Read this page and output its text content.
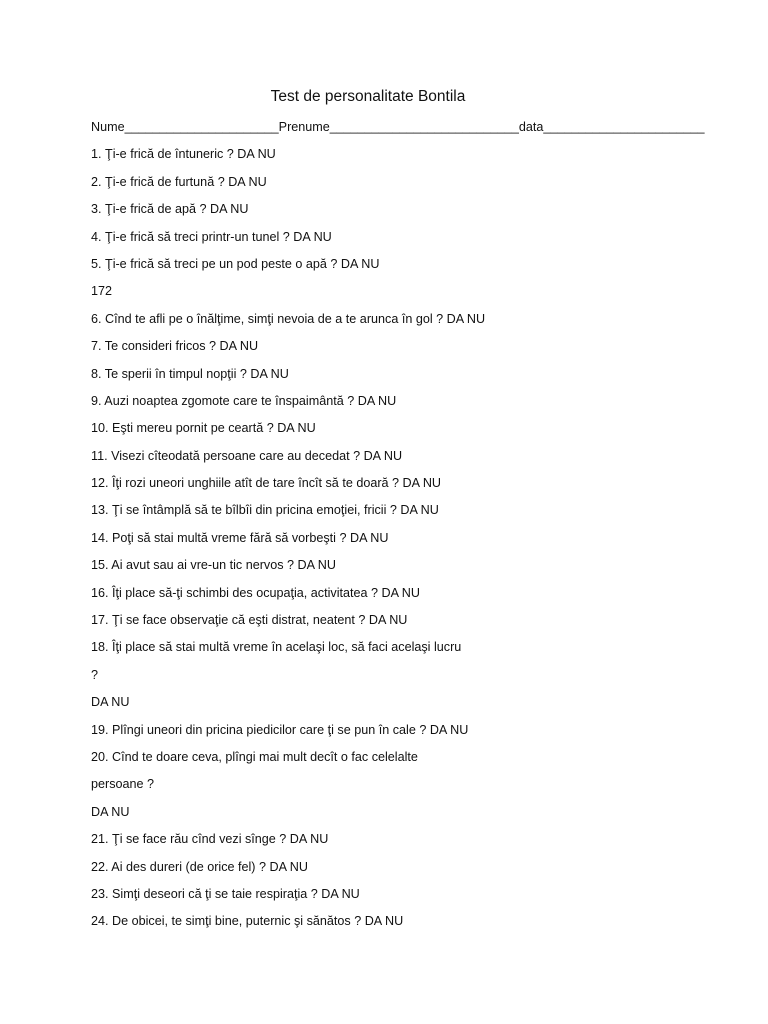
Test de personalitate Bontila
Nume______________________Prenume___________________________data_______________________
1. Ţi-e frică de întuneric ? DA NU
2. Ţi-e frică de furtună ? DA NU
3. Ţi-e frică de apă ? DA NU
4. Ţi-e frică să treci printr-un tunel ? DA NU
5. Ţi-e frică să treci pe un pod peste o apă ? DA NU
172
6. Cînd te afli pe o înălţime, simţi nevoia de a te arunca în gol ? DA NU
7. Te consideri fricos ? DA NU
8. Te sperii în timpul nopţii ? DA NU
9. Auzi noaptea zgomote care te înspaimântă ? DA NU
10. Eşti mereu pornit pe ceartă ? DA NU
11. Visezi cîteodată persoane care au decedat ? DA NU
12. Îţi rozi uneori unghiile atît de tare încît să te doară ? DA NU
13. Ţi se întâmplă să te bîlbîi din pricina emoţiei, fricii ? DA NU
14. Poţi să stai multă vreme fără să vorbeşti ? DA NU
15. Ai avut sau ai vre-un tic nervos ? DA NU
16. Îţi place să-ţi schimbi des ocupaţia, activitatea ? DA NU
17. Ţi se face observaţie că eşti distrat, neatent ? DA NU
18. Îţi place să stai multă vreme în acelaşi loc, să faci acelaşi lucru
?
DA NU
19. Plîngi uneori din pricina piedicilor care ţi se pun în cale ? DA NU
20. Cînd te doare ceva, plîngi mai mult decît o fac celelalte
persoane ?
DA NU
21. Ţi se face rău cînd vezi sînge ? DA NU
22. Ai des dureri (de orice fel) ? DA NU
23. Simţi deseori că ţi se taie respiraţia ? DA NU
24. De obicei, te simţi bine, puternic şi sănătos ? DA NU
